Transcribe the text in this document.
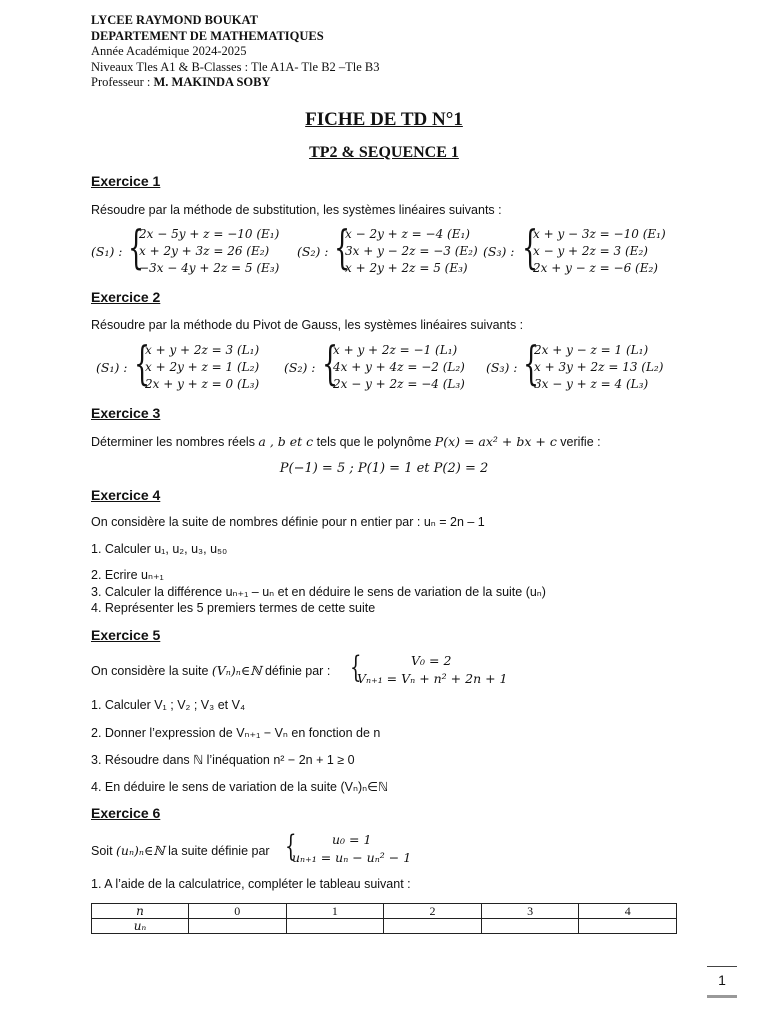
LYCEE RAYMOND BOUKAT
DEPARTEMENT DE MATHEMATIQUES
Année Académique 2024-2025
Niveaux Tles A1 & B-Classes : Tle A1A- Tle B2 –Tle B3
Professeur : M. MAKINDA SOBY
FICHE DE TD N°1
TP2 & SEQUENCE 1
Exercice 1
Résoudre par la méthode de substitution, les systèmes linéaires suivants :
(S₁) : {
2x − 5y + z = −10 (E₁)
x + 2y + 3z = 26 (E₂)
−3x − 4y + 2z = 5 (E₃)
(S₂) : {
x − 2y + z = −4 (E₁)
3x + y − 2z = −3 (E₂)
x + 2y + 2z = 5 (E₃)
(S₃) : {
x + y − 3z = −10 (E₁)
x − y + 2z = 3 (E₂)
2x + y − z = −6 (E₂)
Exercice 2
Résoudre par la méthode du Pivot de Gauss, les systèmes linéaires suivants :
(S₁) : {
x + y + 2z = 3 (L₁)
x + 2y + z = 1 (L₂)
2x + y + z = 0 (L₃)
(S₂) : {
x + y + 2z = −1 (L₁)
4x + y + 4z = −2 (L₂)
2x − y + 2z = −4 (L₃)
(S₃) : {
2x + y − z = 1 (L₁)
x + 3y + 2z = 13 (L₂)
3x − y + z = 4 (L₃)
Exercice 3
Déterminer les nombres réels a , b et c tels que le polynôme P(x) = ax² + bx + c verifie :
P(−1) = 5 ; P(1) = 1 et P(2) = 2
Exercice 4
On considère la suite de nombres définie pour n entier par : uₙ = 2n – 1
1. Calculer u₁, u₂, u₃, u₅₀
2. Ecrire uₙ₊₁
3. Calculer la différence uₙ₊₁ – uₙ et en déduire le sens de variation de la suite (uₙ)
4. Représenter les 5 premiers termes de cette suite
Exercice 5
On considère la suite (Vₙ)ₙ∈ℕ définie par : {	V₀ = 2
Vₙ₊₁ = Vₙ + n² + 2n + 1
1. Calculer V₁ ; V₂ ; V₃ et V₄
2. Donner l’expression de Vₙ₊₁ − Vₙ en fonction de n
3. Résoudre dans ℕ l’inéquation n² − 2n + 1 ≥ 0
4. En déduire le sens de variation de la suite (Vₙ)ₙ∈ℕ
Exercice 6
Soit (uₙ)ₙ∈ℕ la suite définie par {	u₀ = 1
uₙ₊₁ = uₙ − uₙ² − 1
1. A l’aide de la calculatrice, compléter le tableau suivant :
n	0	1	2	3	4
uₙ					
1
